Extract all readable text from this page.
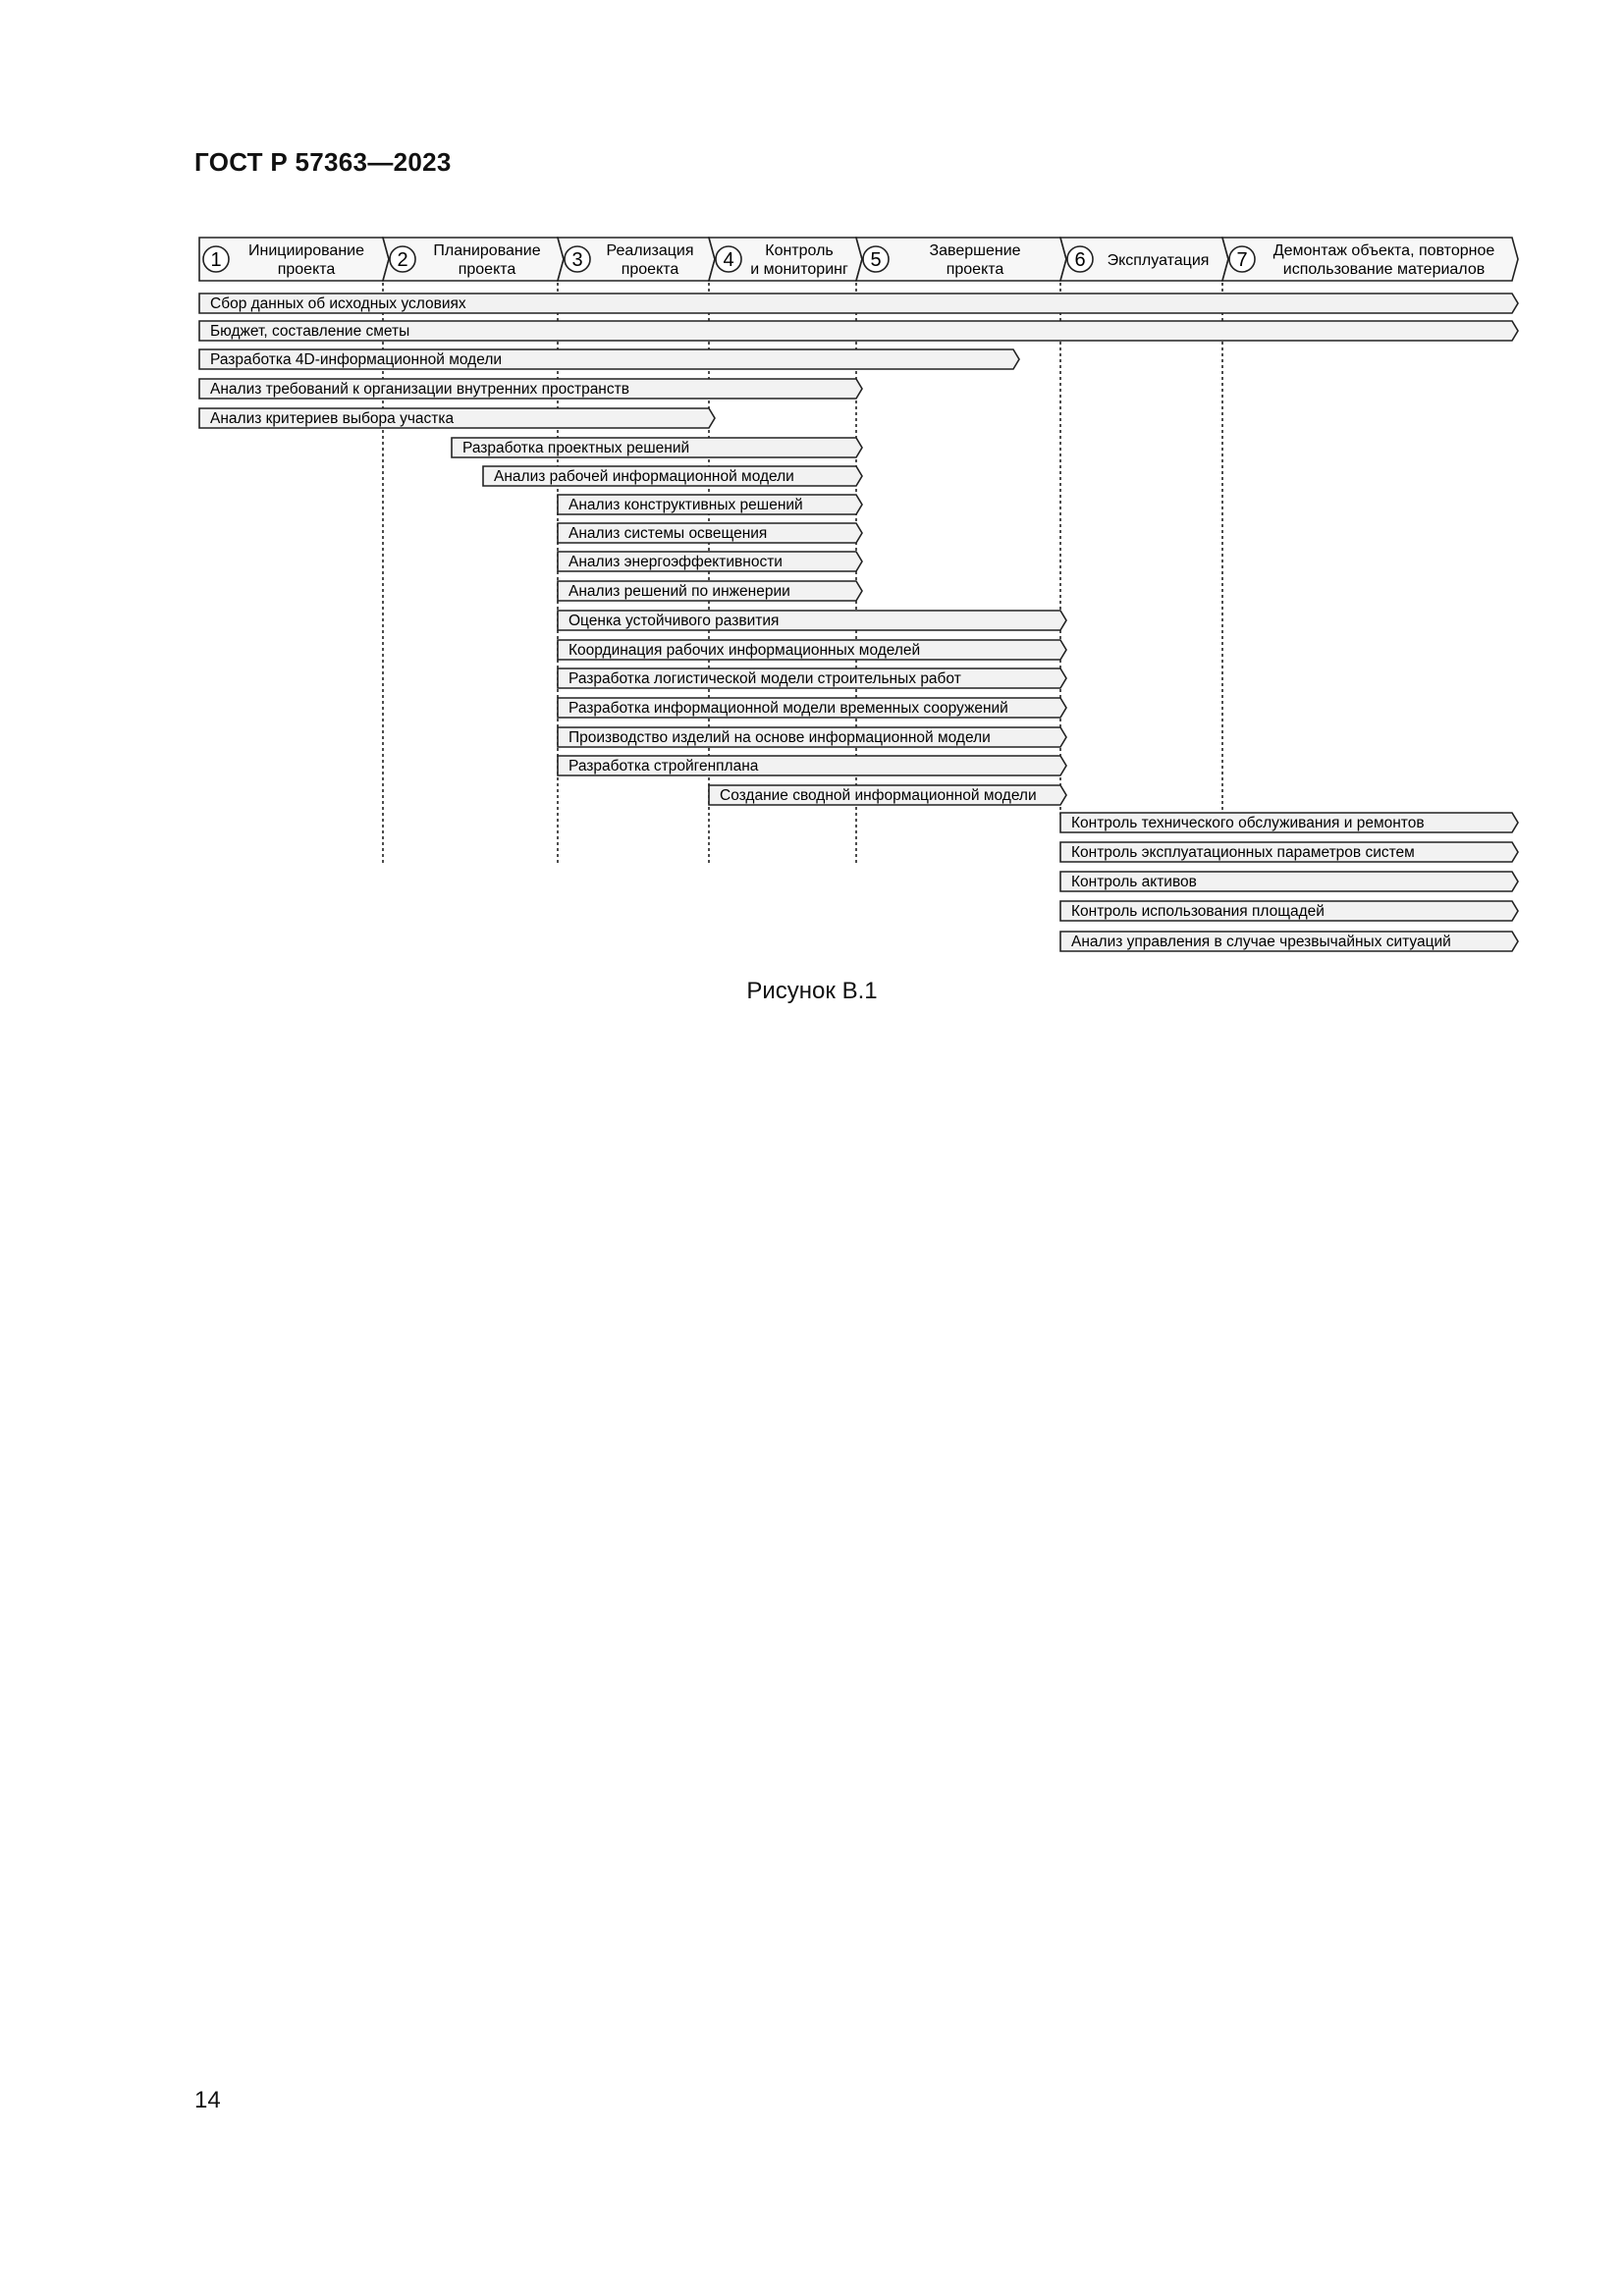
ГОСТ Р 57363—2023
1 Инициирование
проекта	2 Планирование
проекта	3 Реализация
проекта 4 Контроль
и мониторинг 5	Завершение
проекта	6 Эксплуатация 7 Демонтаж объекта, повторное
использование материалов
Сбор данных об исходных условиях
Бюджет, составление сметы
Разработка 4D-информационной модели
Анализ требований к организации внутренних пространств
Анализ критериев выбора участка
Разработка проектных решений
Анализ рабочей информационной модели
Анализ конструктивных решений
Анализ системы освещения
Анализ энергоэффективности
Анализ решений по инженерии
Оценка устойчивого развития
Координация рабочих информационных моделей
Разработка логистической модели строительных работ
Разработка информационной модели временных сооружений
Производство изделий на основе информационной модели
Разработка стройгенплана
Создание сводной информационной модели
Контроль технического обслуживания и ремонтов
Контроль эксплуатационных параметров систем
Контроль активов
Контроль использования площадей
Анализ управления в случае чрезвычайных ситуаций
Рисунок В.1
14
